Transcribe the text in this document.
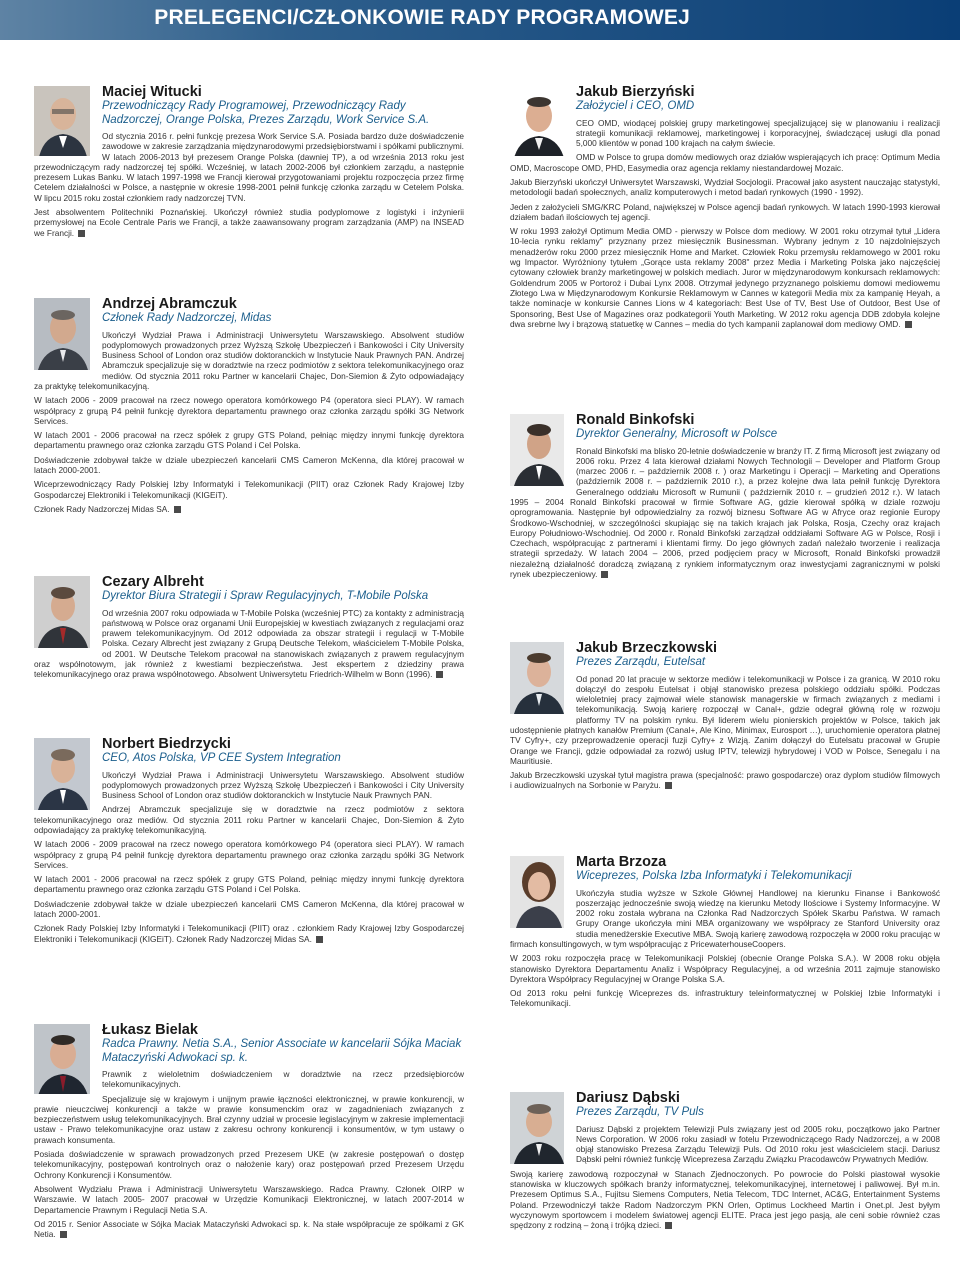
PRELEGENCI/CZŁONKOWIE RADY PROGRAMOWEJ
Maciej Witucki
Przewodniczący Rady Programowej, Przewodniczący Rady Nadzorczej, Orange Polska, Prezes Zarządu, Work Service S.A.

Od stycznia 2016 r. pełni funkcję prezesa Work Service S.A. Posiada bardzo duże doświadczenie zawodowe w zakresie zarządzania międzynarodowymi przedsiębiorstwami i spółkami publicznymi. W latach 2006-2013 był prezesem Orange Polska (dawniej TP), a od września 2013 roku jest przewodniczącym rady nadzorczej tej spółki. Wcześniej, w latach 2002-2006 był członkiem zarządu, a następnie prezesem Lukas Banku. W latach 1997-1998 we Francji kierował przygotowaniami projektu rozpoczęcia przez firmę Cetelem działalności w Polsce, a następnie w okresie 1998-2001 pełnił funkcję członka zarządu w Cetelem Polska. W lipcu 2015 roku został członkiem rady nadzorczej TVN.

Jest absolwentem Politechniki Poznańskiej. Ukończył również studia podyplomowe z logistyki i inżynierii przemysłowej na Ecole Centrale Paris we Francji, a także zaawansowany program zarządzania (AMP) na INSEAD we Francji.

Andrzej Abramczuk
Członek Rady Nadzorczej, Midas

Ukończył Wydział Prawa i Administracji Uniwersytetu Warszawskiego. Absolwent studiów podyplomowych prowadzonych przez Wyższą Szkołę Ubezpieczeń i Bankowości i City University Business School of London oraz studiów doktoranckich w Instytucie Nauk Prawnych PAN. Andrzej Abramczuk specjalizuje się w doradztwie na rzecz podmiotów z sektora telekomunikacyjnego oraz mediów. Od stycznia 2011 roku Partner w kancelarii Chajec, Don-Siemion & Żyto odpowiadający za praktykę telekomunikacyjną.

W latach 2006 - 2009 pracował na rzecz nowego operatora komórkowego P4 (operatora sieci PLAY). W ramach współpracy z grupą P4 pełnił funkcję dyrektora departamentu prawnego oraz członka zarządu spółki 3G Network Services.

W latach 2001 - 2006 pracował na rzecz spółek z grupy GTS Poland, pełniąc między innymi funkcję dyrektora departamentu prawnego oraz członka zarządu GTS Poland i Cel Polska.

Doświadczenie zdobywał także w dziale ubezpieczeń kancelarii CMS Cameron McKenna, dla której pracował w latach 2000-2001.

Wiceprzewodniczący Rady Polskiej Izby Informatyki i Telekomunikacji (PIIT) oraz Członek Rady Krajowej Izby Gospodarczej Elektroniki i Telekomunikacji (KIGEiT).

Członek Rady Nadzorczej Midas SA.

Cezary Albreht
Dyrektor Biura Strategii i Spraw Regulacyjnych, T-Mobile Polska

Od września 2007 roku odpowiada w T-Mobile Polska (wcześniej PTC) za kontakty z administracją państwową w Polsce oraz organami Unii Europejskiej w kwestiach związanych z regulacjami oraz prawem telekomunikacyjnym. Od 2012 odpowiada za obszar strategii i regulacji w T-Mobile Polska. Cezary Albrecht jest związany z Grupą Deutsche Telekom, właścicielem T-Mobile Polska, od 2001. W Deutsche Telekom pracował na stanowiskach związanych z prawem regulacyjnym oraz współnotowym, jak również z kwestiami bezpieczeństwa. Jest ekspertem z dziedziny prawa telekomunikacyjnego oraz prawa współnotowego. Absolwent Uniwersytetu Friedrich-Wilhelm w Bonn (1996).

Norbert Biedrzycki
CEO, Atos Polska, VP CEE System Integration

Ukończył Wydział Prawa i Administracji Uniwersytetu Warszawskiego. Absolwent studiów podyplomowych prowadzonych przez Wyższą Szkołę Ubezpieczeń i Bankowości i City University Business School of London oraz studiów doktoranckich w Instytucie Nauk Prawnych PAN.

Andrzej Abramczuk specjalizuje się w doradztwie na rzecz podmiotów z sektora telekomunikacyjnego oraz mediów. Od stycznia 2011 roku Partner w kancelarii Chajec, Don-Siemion & Żyto odpowiadający za praktykę telekomunikacyjną.

W latach 2006 - 2009 pracował na rzecz nowego operatora komórkowego P4 (operatora sieci PLAY). W ramach współpracy z grupą P4 pełnił funkcję dyrektora departamentu prawnego oraz członka zarządu spółki 3G Network Services.

W latach 2001 - 2006 pracował na rzecz spółek z grupy GTS Poland, pełniąc między innymi funkcję dyrektora departamentu prawnego oraz członka zarządu GTS Poland i Cel Polska.

Doświadczenie zdobywał także w dziale ubezpieczeń kancelarii CMS Cameron McKenna, dla której pracował w latach 2000-2001.

Członek Rady Polskiej Izby Informatyki i Telekomunikacji (PIIT) oraz . członkiem Rady Krajowej Izby Gospodarczej Elektroniki i Telekomunikacji (KIGEiT). Członek Rady Nadzorczej Midas SA.

Łukasz Bielak
Radca Prawny. Netia S.A., Senior Associate w kancelarii Sójka Maciak Mataczyński Adwokaci sp. k.

Prawnik z wieloletnim doświadczeniem w doradztwie na rzecz przedsiębiorców telekomunikacyjnych.

Specjalizuje się w krajowym i unijnym prawie łączności elektronicznej, w prawie konkurencji, w prawie nieuczciwej konkurencji a także w prawie konsumenckim oraz w zagadnieniach związanych z bezpieczeństwem usług telekomunikacyjnych. Brał czynny udział w procesie legislacyjnym w zakresie implementacji ustaw - Prawo telekomunikacyjne oraz ustaw z zakresu ochrony konkurencji i konsumentów, w tym ustawy o prawach konsumenta.

Posiada doświadczenie w sprawach prowadzonych przed Prezesem UKE (w zakresie postępowań o dostęp telekomunikacyjny, postępowań kontrolnych oraz o nałożenie kary) oraz postępowań przed Prezesem Urzędu Ochrony Konkurencji i Konsumentów.

Absolwent Wydziału Prawa i Administracji Uniwersytetu Warszawskiego. Radca Prawny. Członek OIRP w Warszawie. W latach 2005- 2007 pracował w Urzędzie Komunikacji Elektronicznej, w latach 2007-2014 w Departamencie Prawnym i Regulacji Netia S.A.

Od 2015 r. Senior Associate w Sójka Maciak Mataczyński Adwokaci sp. k. Na stałe współpracuje ze spółkami z GK Netia.

Jakub Bierzyński
Założyciel i CEO, OMD

CEO OMD, wiodącej polskiej grupy marketingowej specjalizującej się w planowaniu i realizacji strategii komunikacji reklamowej, marketingowej i korporacyjnej, świadczącej usługi dla ponad 5,000 klientów w ponad 100 krajach na całym świecie.

OMD w Polsce to grupa domów mediowych oraz działów wspierających ich pracę: Optimum Media OMD, Macroscope OMD, PHD, Easymedia oraz agencja reklamy niestandardowej Mozaic.

Jakub Bierzyński ukończył Uniwersytet Warszawski, Wydział Socjologii. Pracował jako asystent nauczając statystyki, metodologii badań społecznych, analiz komputerowych i metod badań rynkowych (1990 - 1992).

Jeden z założycieli SMG/KRC Poland, największej w Polsce agencji badań rynkowych. W latach 1990-1993 kierował działem badań ilościowych tej agencji.

W roku 1993 założył Optimum Media OMD - pierwszy w Polsce dom mediowy. W 2001 roku otrzymał tytuł „Lidera 10-lecia rynku reklamy" przyznany przez miesięcznik Businessman. Wybrany jednym z 10 najzdolniejszych menadżerów roku 2000 przez miesięcznik Home and Market. Człowiek Roku przemysłu reklamowego w 2001 roku wg Impactor. Wyróżniony tytułem „Gorące usta reklamy 2008" przez Media i Marketing Polska jako najczęściej cytowany człowiek branży marketingowej w polskich mediach. Juror w międzynarodowym konkursach reklamowych: Goldendrum 2005 w Portoroż i Dubai Lynx 2008. Otrzymał jedynego przyznanego polskiemu domowi mediowemu Złotego Lwa w Międzynarodowym Konkursie Reklamowym w Cannes w kategorii Media mix za kampanię Heyah, a także nominacje w konkursie Cannes Lions w 4 kategoriach: Best Use of TV, Best Use of Outdoor, Best Use of Sponsoring, Best Use of Magazines oraz podkategorii Youth Marketing. W 2012 roku agencja DDB zdobyła kolejne dwa srebrne lwy i brązową statuetkę w Cannes – media do tych kampanii zaplanował dom mediowy OMD.

Ronald Binkofski
Dyrektor Generalny, Microsoft w Polsce

Ronald Binkofski ma blisko 20-letnie doświadczenie w branży IT. Z firmą Microsoft jest związany od 2006 roku. Przez 4 lata kierował działami Nowych Technologii – Developer and Platform Group (marzec 2006 r. – październik 2008 r. ) oraz Marketingu i Operacji – Marketing and Operations (październik 2008 r. – październik 2010 r.), a przez kolejne dwa lata pełnił funkcję Dyrektora Generalnego oddziału Microsoft w Rumunii ( październik 2010 r. – grudzień 2012 r.). W latach 1995 – 2004 Ronald Binkofski pracował w firmie Software AG, gdzie kierował spółką w dziale rozwoju oprogramowania. Następnie był odpowiedzialny za rozwój biznesu Software AG w Afryce oraz regionie Europy Środkowo-Wschodniej, w szczególności skupiając się na takich krajach jak Polska, Rosja, Czechy oraz krajach Europy Południowo-Wschodniej. Od 2000 r. Ronald Binkofski zarządzał oddziałami Software AG w Polsce, Rosji i Czechach, współpracując z partnerami i klientami firmy. Do jego głównych zadań należało tworzenie i realizacja strategii sprzedaży. W latach 2004 – 2006, przed podjęciem pracy w Microsoft, Ronald Binkofski prowadził niezależną działalność doradczą związaną z rynkiem informatycznym oraz inwestycjami zagranicznymi w polski rynek ubezpieczeniowy.

Jakub Brzeczkowski
Prezes Zarządu, Eutelsat

Od ponad 20 lat pracuje w sektorze mediów i telekomunikacji w Polsce i za granicą. W 2010 roku dołączył do zespołu Eutelsat i objął stanowisko prezesa polskiego oddziału spółki. Podczas wieloletniej pracy zajmował wiele stanowisk managerskie w firmach związanych z mediami i telekomunikacją. Swoją karierę rozpoczął w Canal+, gdzie odegrał główną rolę w rozwoju platformy TV na polskim rynku. Był liderem wielu pionierskich projektów w Polsce, takich jak udostępnienie płatnych kanałów Premium (Canal+, Ale Kino, Minimax, Eurosport …), uruchomienie operatora płatnej TV Cyfry+, czy przeprowadzenie operacji fuzji Cyfry+ z Wizją. Zanim dołączył do Eutelsatu pracował w Grupie Orange we Francji, gdzie odpowiadał za rozwój usług IPTV, telewizji hybrydowej i VOD w Polsce, Senegalu i na Mauritiusie.

Jakub Brzeczkowski uzyskał tytuł magistra prawa (specjalność: prawo gospodarcze) oraz dyplom studiów filmowych i audiowizualnych na Sorbonie w Paryżu.

Marta Brzoza
Wiceprezes, Polska Izba Informatyki i Telekomunikacji

Ukończyła studia wyższe w Szkole Głównej Handlowej na kierunku Finanse i Bankowość poszerzając jednocześnie swoją wiedzę na kierunku Metody Ilościowe i Systemy Informacyjne. W 2002 roku została wybrana na Członka Rad Nadzorczych Spółek Skarbu Państwa. W ramach Grupy Orange ukończyła mini MBA organizowany we współpracy ze Stanford University oraz studia menedżerskie Executive MBA. Swoją karierę zawodową rozpoczęła w 2000 roku pracując w firmach konsultingowych, w tym współpracując z PricewaterhouseCoopers.

W 2003 roku rozpoczęła pracę w Telekomunikacji Polskiej (obecnie Orange Polska S.A.). W 2008 roku objęła stanowisko Dyrektora Departamentu Analiz i Współpracy Regulacyjnej, a od września 2011 zajmuje stanowisko Dyrektora Współpracy Regulacyjnej w Orange Polska S.A.

Od 2013 roku pełni funkcję Wiceprezes ds. infrastruktury teleinformatycznej w Polskiej Izbie Informatyki i Telekomunikacji.

Dariusz Dąbski
Prezes Zarządu, TV Puls

Dariusz Dąbski z projektem Telewizji Puls związany jest od 2005 roku, początkowo jako Partner News Corporation. W 2006 roku zasiadł w fotelu Przewodniczącego Rady Nadzorczej, a w 2008 objął stanowisko Prezesa Zarządu Telewizji Puls. Od 2010 roku jest właścicielem stacji. Dariusz Dąbski pełni również funkcję Wiceprezesa Zarządu Związku Pracodawców Prywatnych Mediów.

Swoją karierę zawodową rozpoczynał w Stanach Zjednoczonych. Po powrocie do Polski piastował wysokie stanowiska w kluczowych spółkach branży informatycznej, telekomunikacyjnej, internetowej i paliwowej. Był m.in. Prezesem Optimus S.A., Fujitsu Siemens Computers, Netia Telecom, TDC Internet, AC&G, Entertainment Systems Poland. Przewodniczył także Radom Nadzorczym PKN Orlen, Optimus Lockheed Martin i Onet.pl. Jest byłym wyczynowym sportowcem i modelem światowej agencji ELITE. Praca jest jego pasją, ale ceni sobie również czas spędzony z rodziną – żoną i trójką dzieci.
